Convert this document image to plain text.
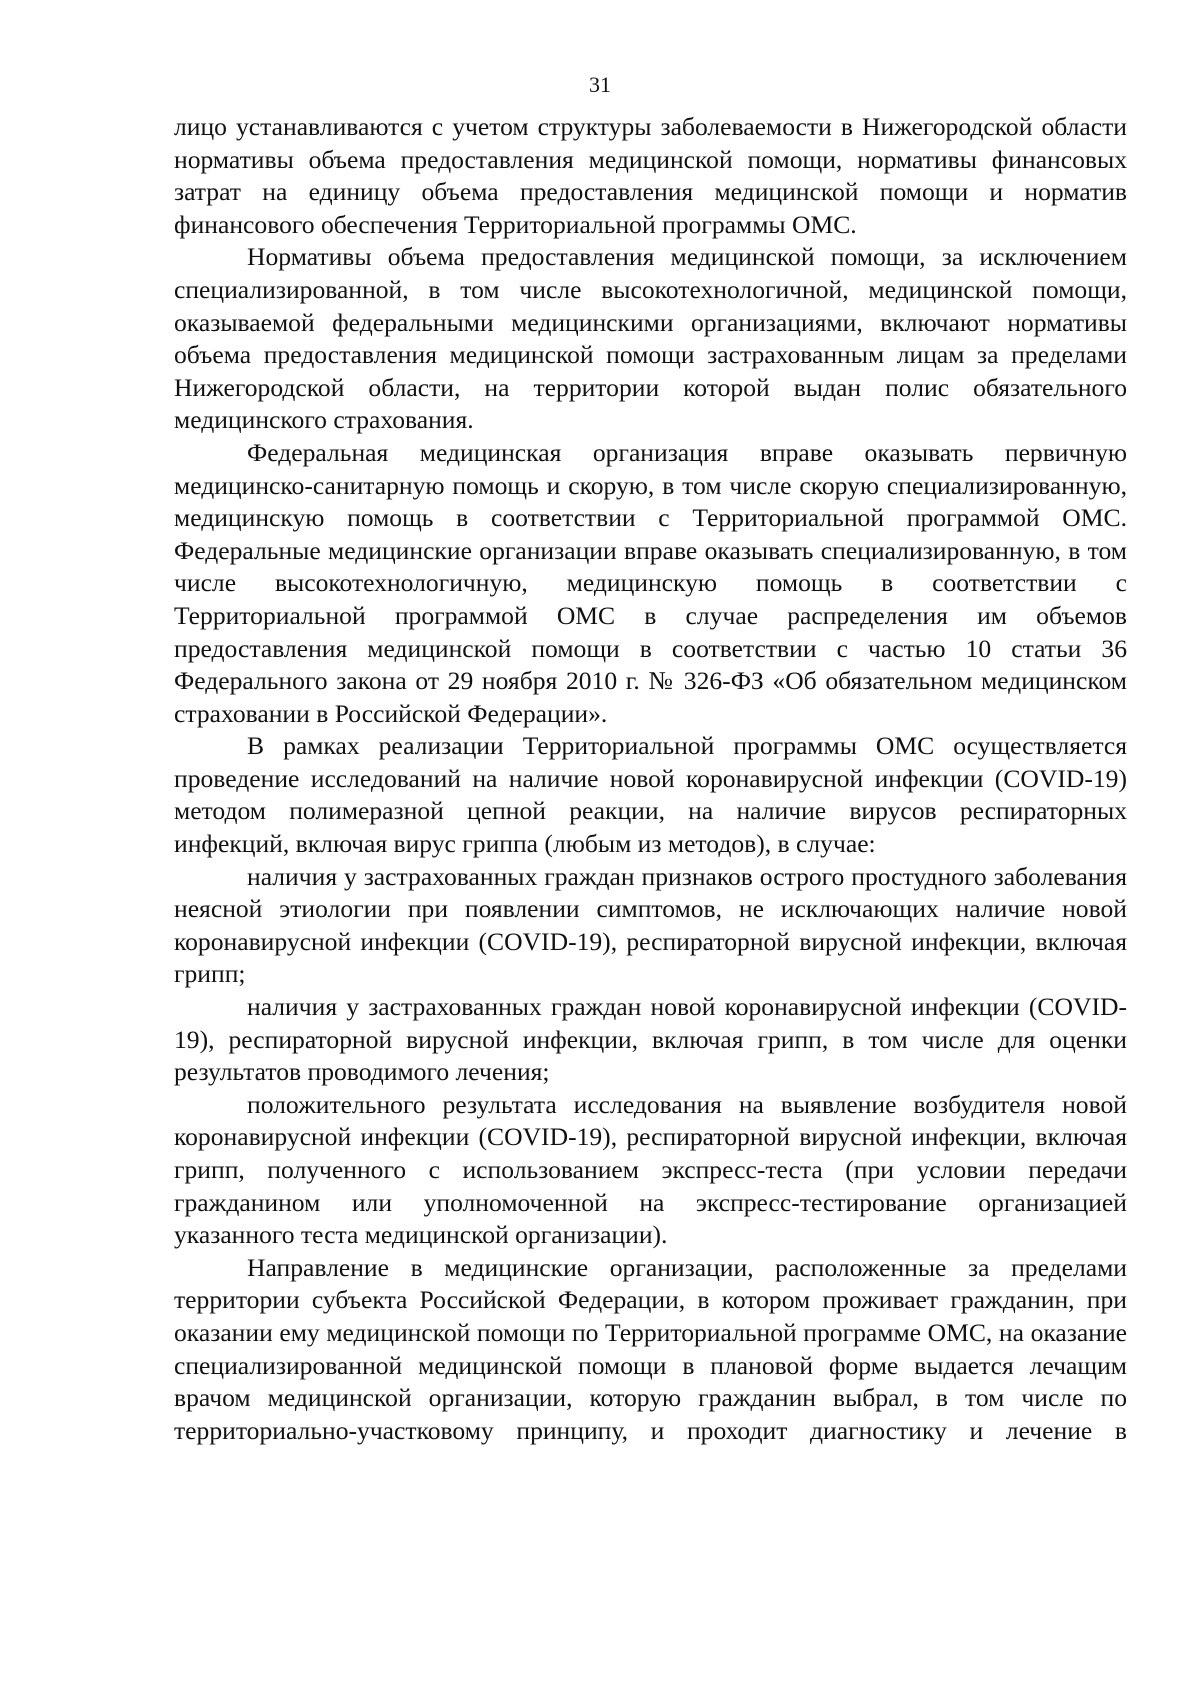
31

лицо устанавливаются с учетом структуры заболеваемости в Нижегородской области нормативы объема предоставления медицинской помощи, нормативы финансовых затрат на единицу объема предоставления медицинской помощи и норматив финансового обеспечения Территориальной программы ОМС.

Нормативы объема предоставления медицинской помощи, за исключением специализированной, в том числе высокотехнологичной, медицинской помощи, оказываемой федеральными медицинскими организациями, включают нормативы объема предоставления медицинской помощи застрахованным лицам за пределами Нижегородской области, на территории которой выдан полис обязательного медицинского страхования.

Федеральная медицинская организация вправе оказывать первичную медицинско-санитарную помощь и скорую, в том числе скорую специализированную, медицинскую помощь в соответствии с Территориальной программой ОМС. Федеральные медицинские организации вправе оказывать специализированную, в том числе высокотехнологичную, медицинскую помощь в соответствии с Территориальной программой ОМС в случае распределения им объемов предоставления медицинской помощи в соответствии с частью 10 статьи 36 Федерального закона от 29 ноября 2010 г. № 326-ФЗ «Об обязательном медицинском страховании в Российской Федерации».

В рамках реализации Территориальной программы ОМС осуществляется проведение исследований на наличие новой коронавирусной инфекции (COVID-19) методом полимеразной цепной реакции, на наличие вирусов респираторных инфекций, включая вирус гриппа (любым из методов), в случае:

наличия у застрахованных граждан признаков острого простудного заболевания неясной этиологии при появлении симптомов, не исключающих наличие новой коронавирусной инфекции (COVID-19), респираторной вирусной инфекции, включая грипп;

наличия у застрахованных граждан новой коронавирусной инфекции (COVID-19), респираторной вирусной инфекции, включая грипп, в том числе для оценки результатов проводимого лечения;

положительного результата исследования на выявление возбудителя новой коронавирусной инфекции (COVID-19), респираторной вирусной инфекции, включая грипп, полученного с использованием экспресс-теста (при условии передачи гражданином или уполномоченной на экспресс-тестирование организацией указанного теста медицинской организации).

Направление в медицинские организации, расположенные за пределами территории субъекта Российской Федерации, в котором проживает гражданин, при оказании ему медицинской помощи по Территориальной программе ОМС, на оказание специализированной медицинской помощи в плановой форме выдается лечащим врачом медицинской организации, которую гражданин выбрал, в том числе по территориально-участковому принципу, и проходит диагностику и лечение в
